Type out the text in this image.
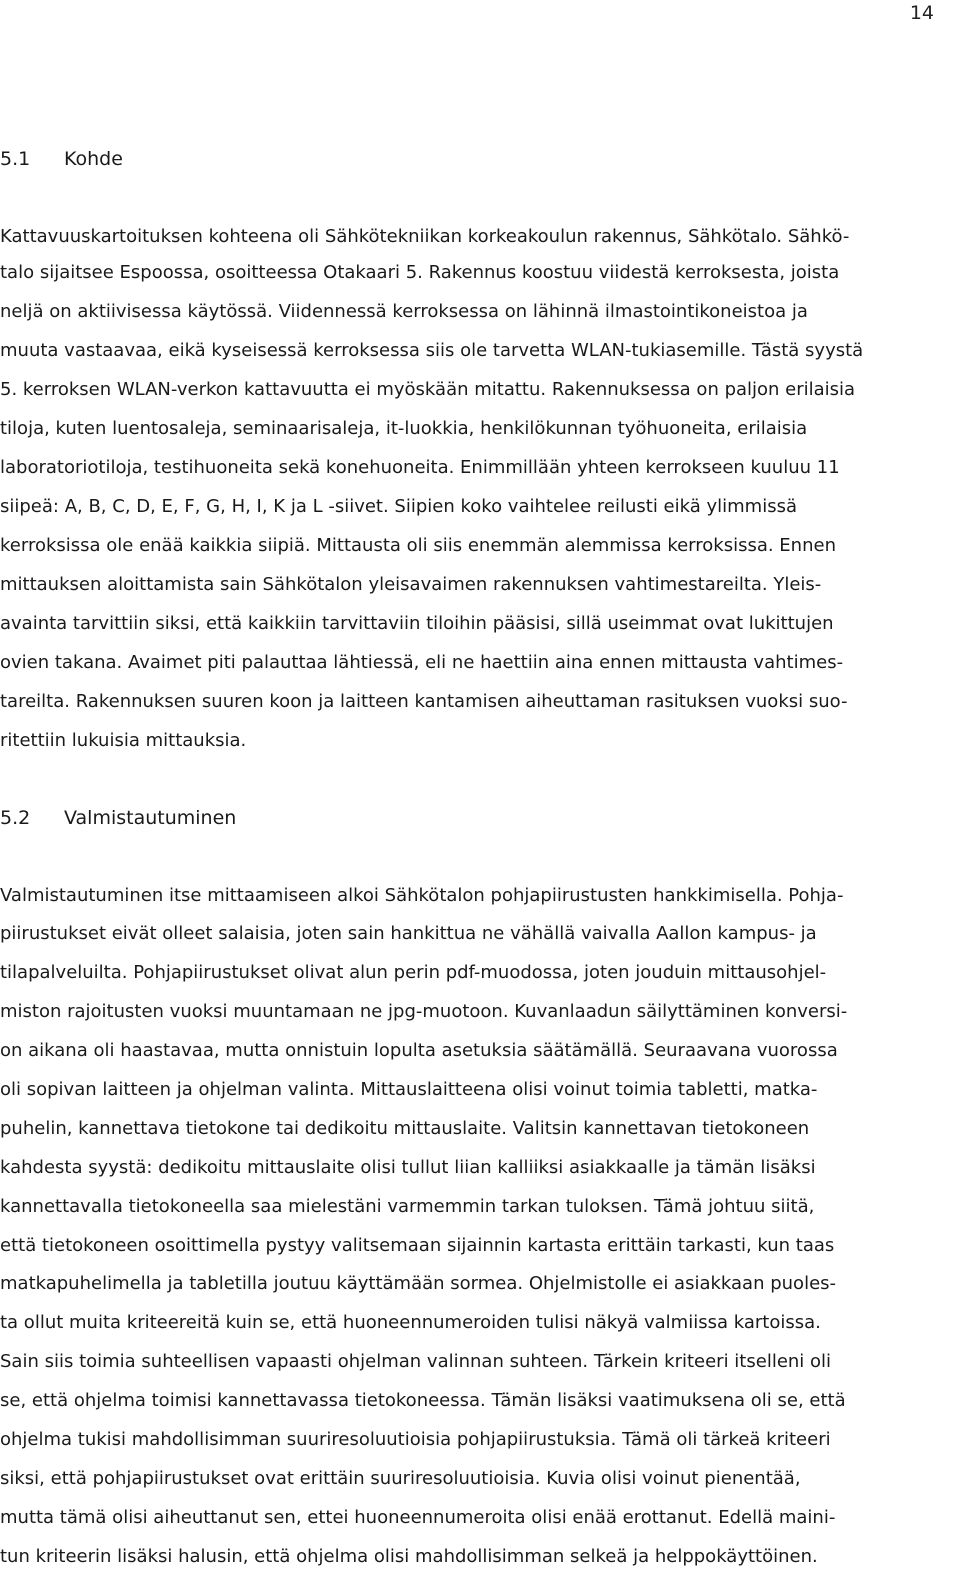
14
5.1 Kohde
Kattavuuskartoituksen kohteena oli Sähkötekniikan korkeakoulun rakennus, Sähkötalo. Sähkö-
talo sijaitsee Espoossa, osoitteessa Otakaari 5. Rakennus koostuu viidestä kerroksesta, joista
neljä on aktiivisessa käytössä. Viidennessä kerroksessa on lähinnä ilmastointikoneistoa ja
muuta vastaavaa, eikä kyseisessä kerroksessa siis ole tarvetta WLAN-tukiasemille. Tästä syystä
5. kerroksen WLAN-verkon kattavuutta ei myöskään mitattu. Rakennuksessa on paljon erilaisia
tiloja, kuten luentosaleja, seminaarisaleja, it-luokkia, henkilökunnan työhuoneita, erilaisia
laboratoriotiloja, testihuoneita sekä konehuoneita. Enimmillään yhteen kerrokseen kuuluu 11
siipeä: A, B, C, D, E, F, G, H, I, K ja L -siivet. Siipien koko vaihtelee reilusti eikä ylimmissä
kerroksissa ole enää kaikkia siipiä. Mittausta oli siis enemmän alemmissa kerroksissa. Ennen
mittauksen aloittamista sain Sähkötalon yleisavaimen rakennuksen vahtimestareilta. Yleis-
avainta tarvittiin siksi, että kaikkiin tarvittaviin tiloihin pääsisi, sillä useimmat ovat lukittujen
ovien takana. Avaimet piti palauttaa lähtiessä, eli ne haettiin aina ennen mittausta vahtimes-
tareilta. Rakennuksen suuren koon ja laitteen kantamisen aiheuttaman rasituksen vuoksi suo-
ritettiin lukuisia mittauksia.
5.2 Valmistautuminen
Valmistautuminen itse mittaamiseen alkoi Sähkötalon pohjapiirustusten hankkimisella. Pohja-
piirustukset eivät olleet salaisia, joten sain hankittua ne vähällä vaivalla Aallon kampus- ja
tilapalveluilta. Pohjapiirustukset olivat alun perin pdf-muodossa, joten jouduin mittausohjel-
miston rajoitusten vuoksi muuntamaan ne jpg-muotoon. Kuvanlaadun säilyttäminen konversi-
on aikana oli haastavaa, mutta onnistuin lopulta asetuksia säätämällä. Seuraavana vuorossa
oli sopivan laitteen ja ohjelman valinta. Mittauslaitteena olisi voinut toimia tabletti, matka-
puhelin, kannettava tietokone tai dedikoitu mittauslaite. Valitsin kannettavan tietokoneen
kahdesta syystä: dedikoitu mittauslaite olisi tullut liian kalliiksi asiakkaalle ja tämän lisäksi
kannettavalla tietokoneella saa mielestäni varmemmin tarkan tuloksen. Tämä johtuu siitä,
että tietokoneen osoittimella pystyy valitsemaan sijainnin kartasta erittäin tarkasti, kun taas
matkapuhelimella ja tabletilla joutuu käyttämään sormea. Ohjelmistolle ei asiakkaan puoles-
ta ollut muita kriteereitä kuin se, että huoneennumeroiden tulisi näkyä valmiissa kartoissa.
Sain siis toimia suhteellisen vapaasti ohjelman valinnan suhteen. Tärkein kriteeri itselleni oli
se, että ohjelma toimisi kannettavassa tietokoneessa. Tämän lisäksi vaatimuksena oli se, että
ohjelma tukisi mahdollisimman suuriresoluutioisia pohjapiirustuksia. Tämä oli tärkeä kriteeri
siksi, että pohjapiirustukset ovat erittäin suuriresoluutioisia. Kuvia olisi voinut pienentää,
mutta tämä olisi aiheuttanut sen, ettei huoneennumeroita olisi enää erottanut. Edellä maini-
tun kriteerin lisäksi halusin, että ohjelma olisi mahdollisimman selkeä ja helppokäyttöinen.
